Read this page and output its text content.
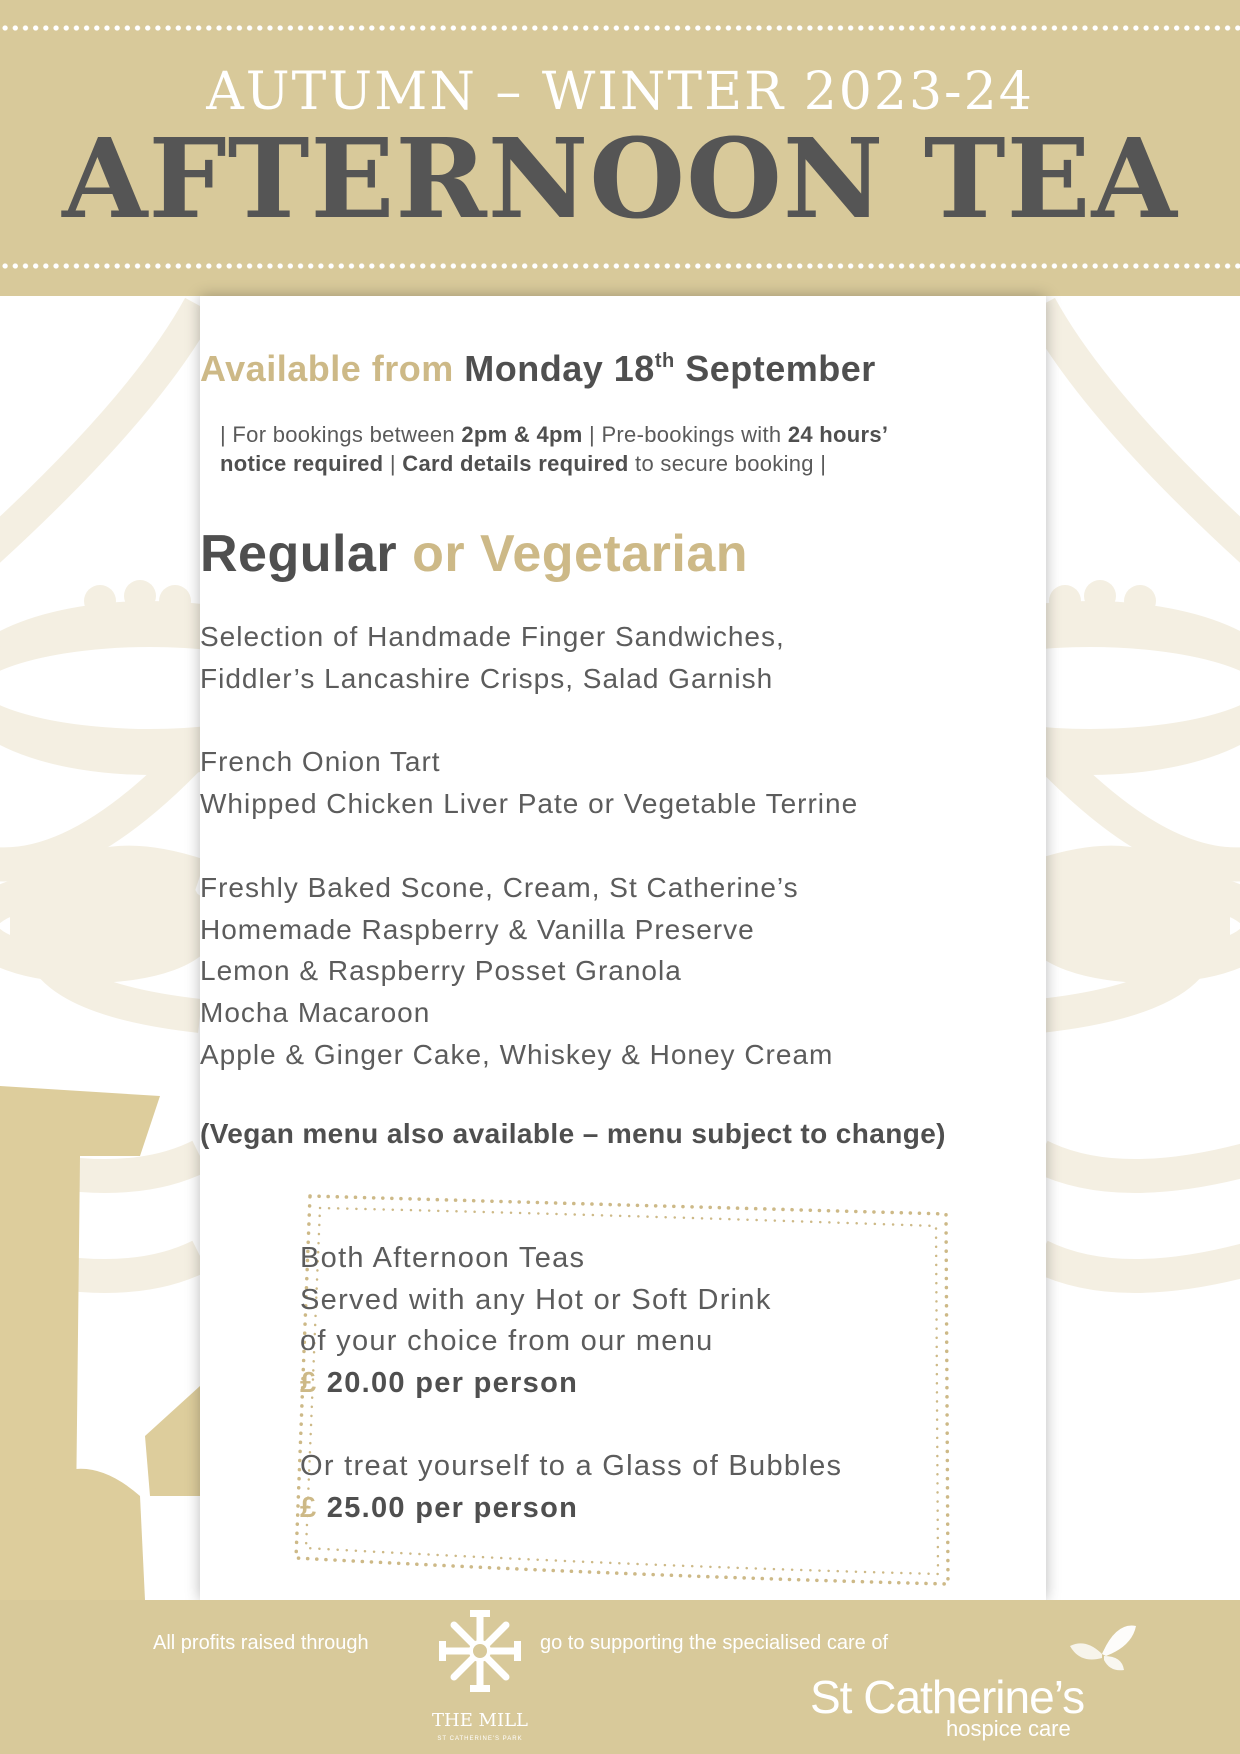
AUTUMN – WINTER 2023-24
AFTERNOON TEA
Available from Monday 18th September
| For bookings between 2pm & 4pm | Pre-bookings with 24 hours’
notice required | Card details required to secure booking |
Regular or Vegetarian
Selection of Handmade Finger Sandwiches,
Fiddler’s Lancashire Crisps, Salad Garnish
French Onion Tart
Whipped Chicken Liver Pate or Vegetable Terrine
Freshly Baked Scone, Cream, St Catherine’s
Homemade Raspberry & Vanilla Preserve
Lemon & Raspberry Posset Granola
Mocha Macaroon
Apple & Ginger Cake, Whiskey & Honey Cream
(Vegan menu also available – menu subject to change)
Both Afternoon Teas
Served with any Hot or Soft Drink
of your choice from our menu
£ 20.00 per person
Or treat yourself to a Glass of Bubbles
£ 25.00 per person
All profits raised through
THE MILL
ST CATHERINE'S PARK
go to supporting the specialised care of
St Catherine’s
hospice care
